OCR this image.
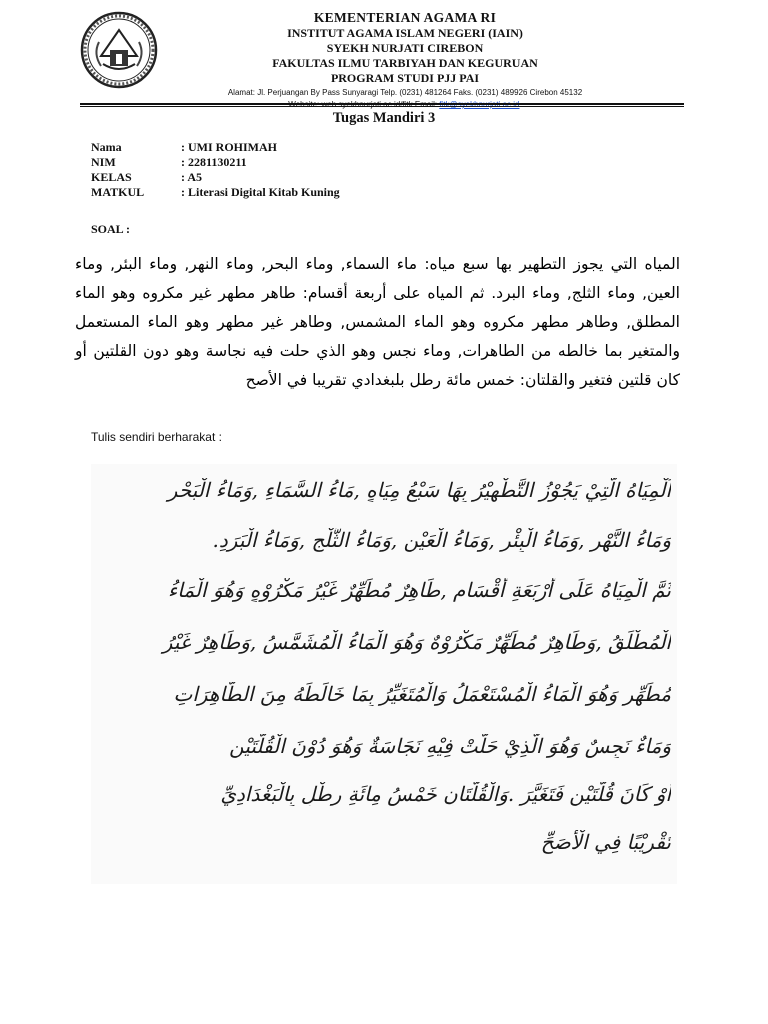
KEMENTERIAN AGAMA RI
INSTITUT AGAMA ISLAM NEGERI (IAIN)
SYEKH NURJATI CIREBON
FAKULTAS ILMU TARBIYAH DAN KEGURUAN
PROGRAM STUDI PJJ PAI
Alamat: Jl. Perjuangan By Pass Sunyaragi Telp. (0231) 481264 Faks. (0231) 489926 Cirebon 45132
Tugas Mandiri 3
Nama	: UMI ROHIMAH
NIM	: 2281130211
KELAS	: A5
MATKUL	: Literasi Digital Kitab Kuning
SOAL :
المياه التي يجوز التطهير بها سبع مياه: ماء السماء, وماء البحر, وماء النهر, وماء البئر, وماء العين, وماء الثلج, وماء البرد. ثم المياه على أربعة أقسام: طاهر مطهر غير مكروه وهو الماء المطلق, وطاهر مطهر مكروه وهو الماء المشمس, وطاهر غير مطهر وهو الماء المستعمل والمتغير بما خالطه من الطاهرات, وماء نجس وهو الذي حلت فيه نجاسة وهو دون القلتين أو كان قلتين فتغير والقلتان: خمس مائة رطل بلبغدادي تقريبا في الأصح
Tulis sendiri berharakat :
اَلْمِيَاهُ الَّتِيْ يَجُوْزُ التَّطْهِيْرُ بِهَا سَبْعُ مِيَاهٍ ,مَاءُ السَّمَاءِ ,وَمَاءُ الْبَحْرِ
وَمَاءُ النَّهْرِ ,وَمَاءُ الْبِئْرِ ,وَمَاءُ الْعَيْنِ ,وَمَاءُ الثَّلْجِ ,وَمَاءُ الْبَرَدِ.
ثُمَّ الْمِيَاهُ عَلَى أَرْبَعَةِ أَقْسَامٍ ,طَاهِرٌ مُطَهِّرٌ غَيْرُ مَكْرُوْهٍ وَهُوَ الْمَاءُ
الْمُطْلَقُ ,وَطَاهِرٌ مُطَهِّرٌ مَكْرُوْهٌ وَهُوَ الْمَاءُ الْمُشَمَّسُ ,وَطَاهِرٌ غَيْرُ
مُطَهِّرٍ وَهُوَ الْمَاءُ الْمُسْتَعْمَلُ وَالْمُتَغَيِّرُ بِمَا خَالَطَهُ مِنَ الطَّاهِرَاتِ
وَمَاءٌ نَجِسٌ وَهُوَ الَّذِيْ حَلَّتْ فِيْهِ نَجَاسَةٌ وَهُوَ دُوْنَ الْقُلَّتَيْنِ
أَوْ كَانَ قُلَّتَيْنِ فَتَغَيَّرَ .وَالْقُلَّتَانِ خَمْسُ مِائَةِ رِطْلٍ بِالْبَغْدَادِيِّ
تَقْرِيْبًا فِي الْأَصَحِّ
